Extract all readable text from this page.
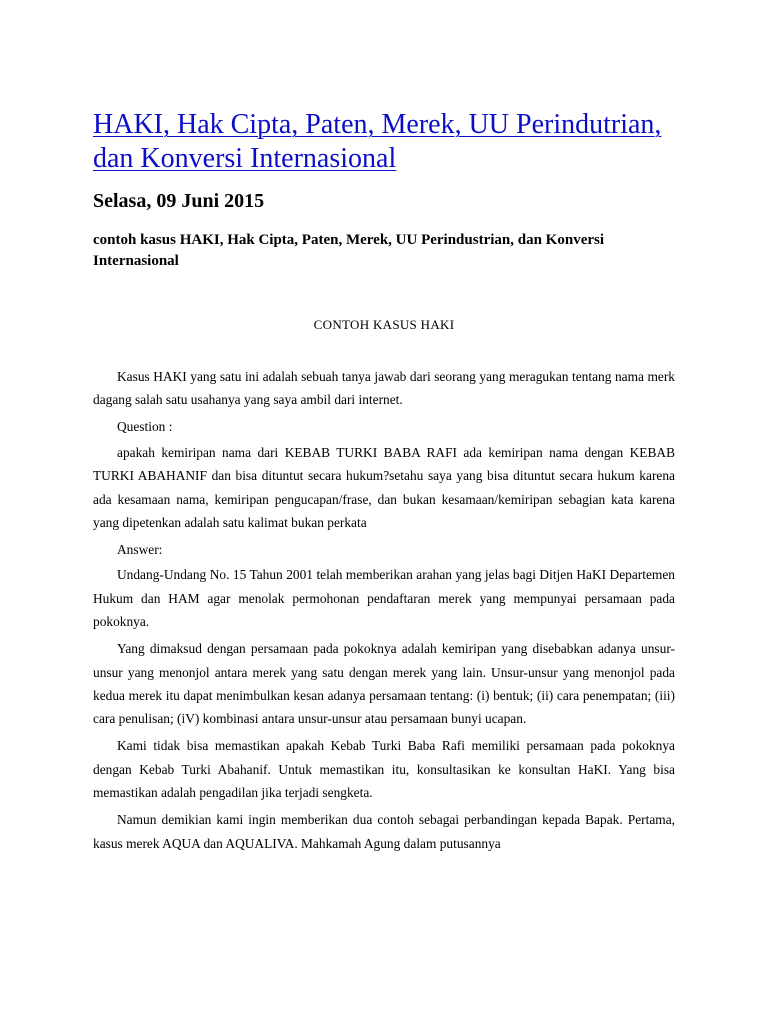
HAKI, Hak Cipta, Paten, Merek, UU Perindutrian, dan Konversi Internasional
Selasa, 09 Juni 2015
contoh kasus HAKI, Hak Cipta, Paten, Merek, UU Perindustrian, dan Konversi Internasional
CONTOH KASUS HAKI

Kasus HAKI yang satu ini adalah sebuah tanya jawab dari seorang yang meragukan tentang nama merk dagang salah satu usahanya yang saya ambil dari internet.

Question :

apakah kemiripan nama dari KEBAB TURKI BABA RAFI ada kemiripan nama dengan KEBAB TURKI ABAHANIF dan bisa dituntut secara hukum?setahu saya yang bisa dituntut secara hukum karena ada kesamaan nama, kemiripan pengucapan/frase, dan bukan kesamaan/kemiripan sebagian kata karena yang dipetenkan adalah satu kalimat bukan perkata

Answer:

Undang-Undang No. 15 Tahun 2001 telah memberikan arahan yang jelas bagi Ditjen HaKI Departemen Hukum dan HAM agar menolak permohonan pendaftaran merek yang mempunyai persamaan pada pokoknya.

Yang dimaksud dengan persamaan pada pokoknya adalah kemiripan yang disebabkan adanya unsur-unsur yang menonjol antara merek yang satu dengan merek yang lain. Unsur-unsur yang menonjol pada kedua merek itu dapat menimbulkan kesan adanya persamaan tentang: (i) bentuk; (ii) cara penempatan; (iii) cara penulisan; (iV) kombinasi antara unsur-unsur atau persamaan bunyi ucapan.

Kami tidak bisa memastikan apakah Kebab Turki Baba Rafi memiliki persamaan pada pokoknya dengan Kebab Turki Abahanif. Untuk memastikan itu, konsultasikan ke konsultan HaKI. Yang bisa memastikan adalah pengadilan jika terjadi sengketa.

Namun demikian kami ingin memberikan dua contoh sebagai perbandingan kepada Bapak. Pertama, kasus merek AQUA dan AQUALIVA. Mahkamah Agung dalam putusannya
